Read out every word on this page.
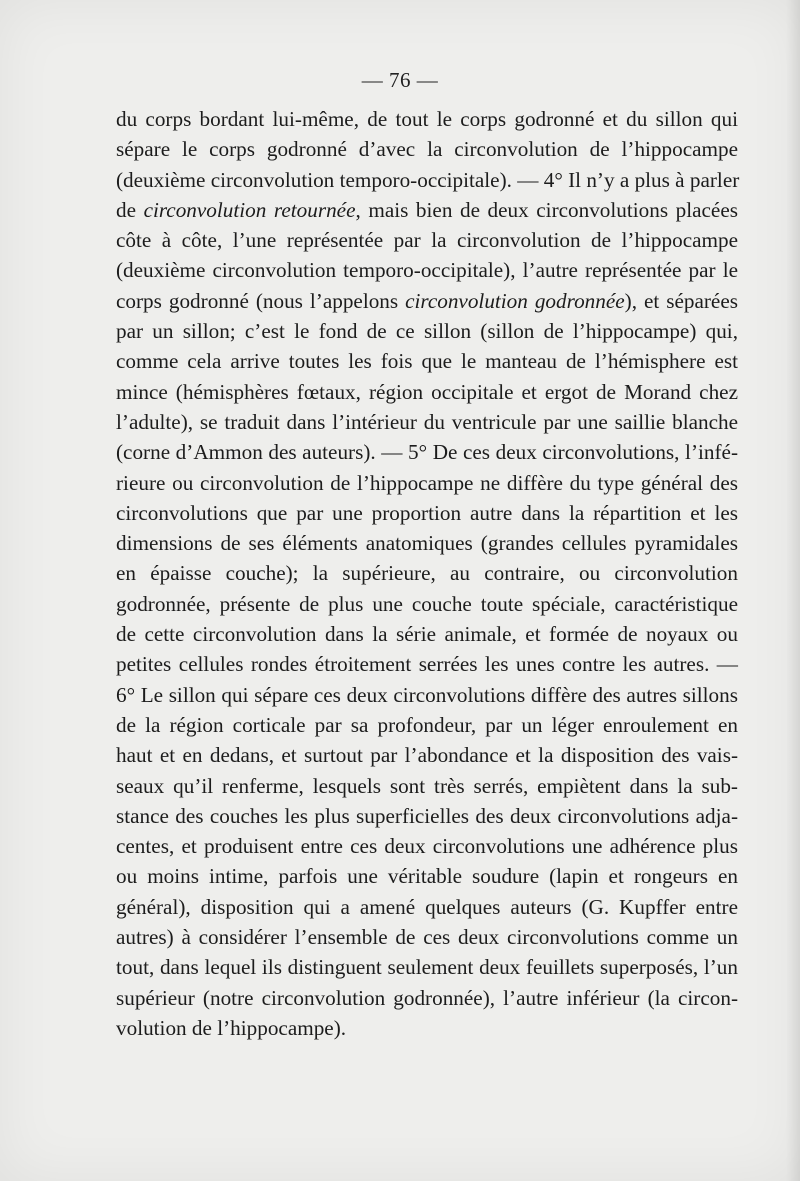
— 76 —
du corps bordant lui-même, de tout le corps godronné et du sillon qui
sépare le corps godronné d’avec la circonvolution de l’hippocampe
(deuxième circonvolution temporo-occipitale). — 4° Il n’y a plus à parler
de circonvolution retournée, mais bien de deux circonvolutions placées
côte à côte, l’une représentée par la circonvolution de l’hippocampe
(deuxième circonvolution temporo-occipitale), l’autre représentée par le
corps godronné (nous l’appelons circonvolution godronnée), et séparées
par un sillon; c’est le fond de ce sillon (sillon de l’hippocampe) qui,
comme cela arrive toutes les fois que le manteau de l’hémisphere est
mince (hémisphères fœtaux, région occipitale et ergot de Morand chez
l’adulte), se traduit dans l’intérieur du ventricule par une saillie blanche
(corne d’Ammon des auteurs). — 5° De ces deux circonvolutions, l’infé-
rieure ou circonvolution de l’hippocampe ne diffère du type général des
circonvolutions que par une proportion autre dans la répartition et les
dimensions de ses éléments anatomiques (grandes cellules pyramidales
en épaisse couche); la supérieure, au contraire, ou circonvolution
godronnée, présente de plus une couche toute spéciale, caractéristique
de cette circonvolution dans la série animale, et formée de noyaux ou
petites cellules rondes étroitement serrées les unes contre les autres. —
6° Le sillon qui sépare ces deux circonvolutions diffère des autres sillons
de la région corticale par sa profondeur, par un léger enroulement en
haut et en dedans, et surtout par l’abondance et la disposition des vais-
seaux qu’il renferme, lesquels sont très serrés, empiètent dans la sub-
stance des couches les plus superficielles des deux circonvolutions adja-
centes, et produisent entre ces deux circonvolutions une adhérence plus
ou moins intime, parfois une véritable soudure (lapin et rongeurs en
général), disposition qui a amené quelques auteurs (G. Kupffer entre
autres) à considérer l’ensemble de ces deux circonvolutions comme un
tout, dans lequel ils distinguent seulement deux feuillets superposés, l’un
supérieur (notre circonvolution godronnée), l’autre inférieur (la circon-
volution de l’hippocampe).
